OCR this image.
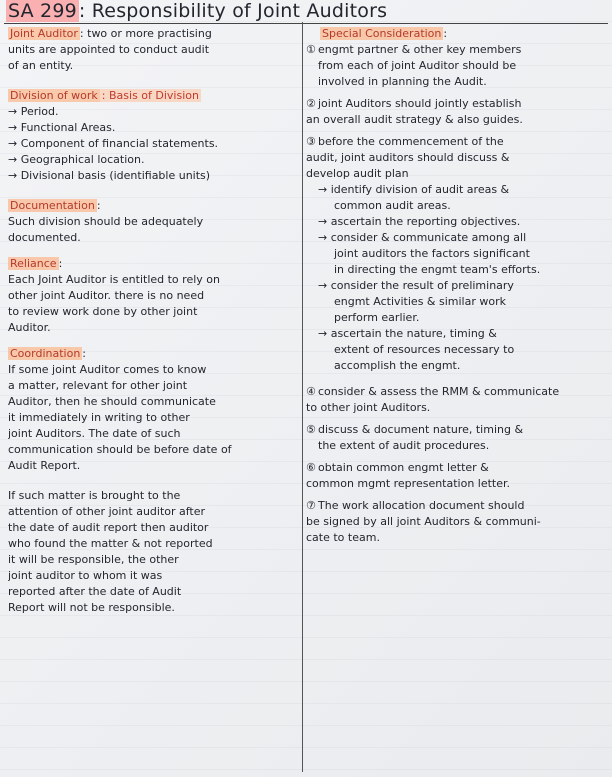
SA 299 : Responsibility of Joint Auditors
Joint Auditor : two or more practising
units are appointed to conduct audit
of an entity.
Division of work : Basis of Division
→ Period.
→ Functional Areas.
→ Component of financial statements.
→ Geographical location.
→ Divisional basis (identifiable units)
Documentation :
Such division should be adequately
documented.
Reliance :
Each Joint Auditor is entitled to rely on
other joint Auditor. there is no need
to review work done by other joint
Auditor.
Coordination :
If some joint Auditor comes to know
a matter, relevant for other joint
Auditor, then he should communicate
it immediately in writing to other
joint Auditors. The date of such
communication should be before date of
Audit Report.
If such matter is brought to the
attention of other joint auditor after
the date of audit report then auditor
who found the matter & not reported
it will be responsible, the other
joint auditor to whom it was
reported after the date of Audit
Report will not be responsible.
Special Consideration :
① engmt partner & other key members
from each of joint Auditor should be
involved in planning the Audit.
② joint Auditors should jointly establish
an overall audit strategy & also guides.
③ before the commencement of the
audit, joint auditors should discuss &
develop audit plan
→ identify division of audit areas &
common audit areas.
→ ascertain the reporting objectives.
→ consider & communicate among all
joint auditors the factors significant
in directing the engmt team's efforts.
→ consider the result of preliminary
engmt Activities & similar work
perform earlier.
→ ascertain the nature, timing &
extent of resources necessary to
accomplish the engmt.
④ consider & assess the RMM & communicate
to other joint Auditors.
⑤ discuss & document nature, timing &
the extent of audit procedures.
⑥ obtain common engmt letter &
common mgmt representation letter.
⑦ The work allocation document should
be signed by all joint Auditors & communi-
cate to team.
